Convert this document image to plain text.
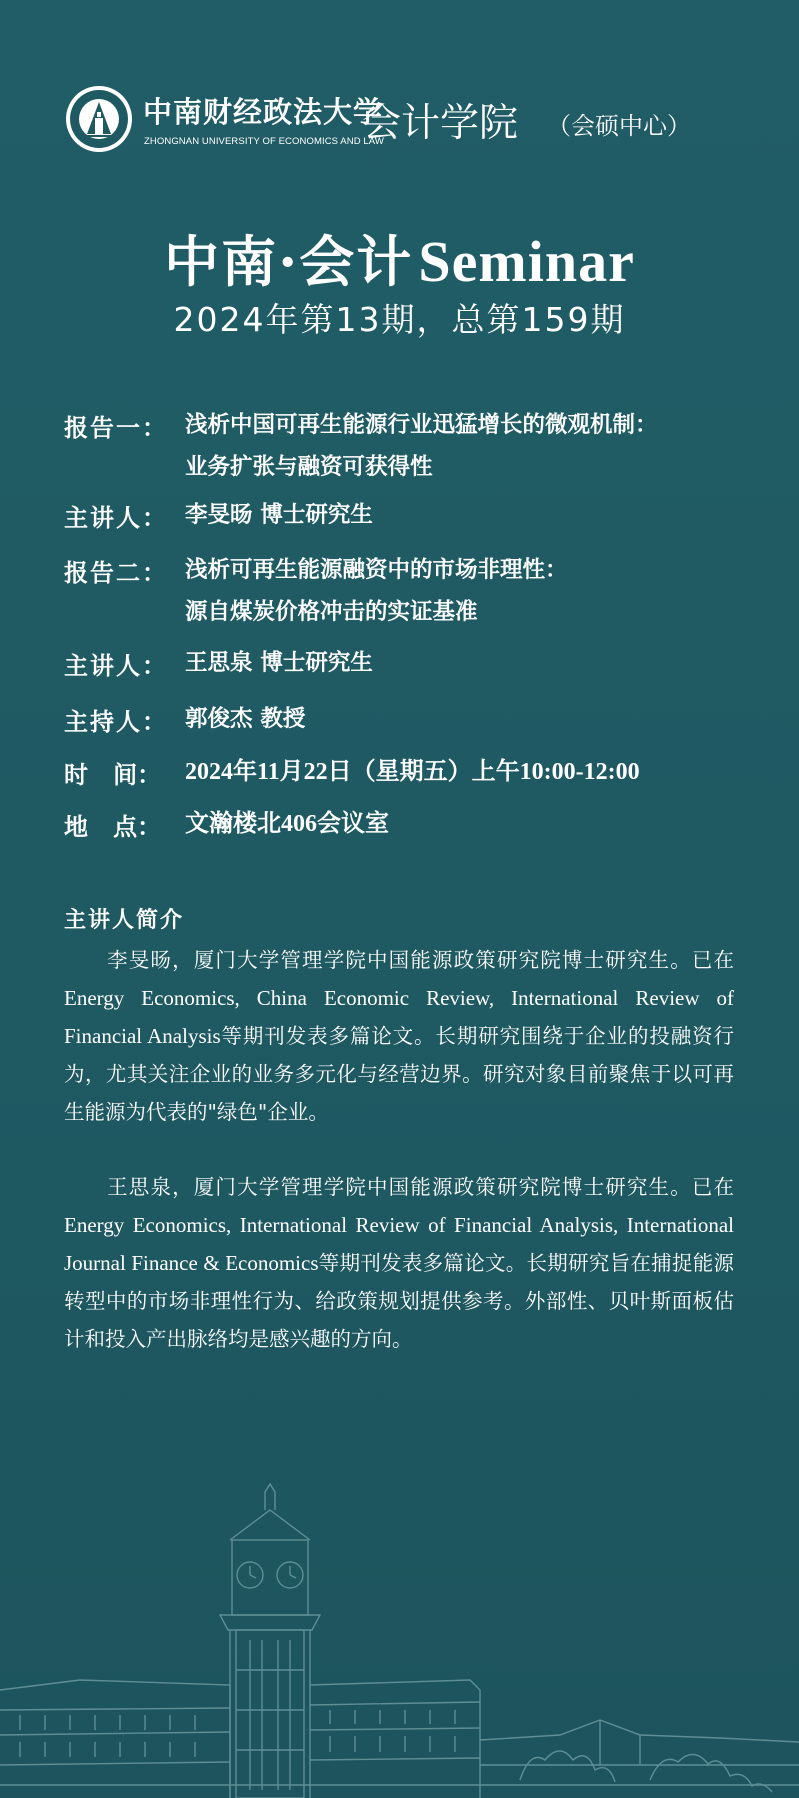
中南财经政法大学
ZHONGNAN UNIVERSITY OF ECONOMICS AND LAW
会计学院 （会硕中心）
中南·会计 Seminar
2024年第13期，总第159期
报告一： 浅析中国可再生能源行业迅猛增长的微观机制：
业务扩张与融资可获得性
主讲人： 李旻旸 博士研究生
报告二： 浅析可再生能源融资中的市场非理性：
源自煤炭价格冲击的实证基准
主讲人： 王思泉 博士研究生
主持人： 郭俊杰 教授
时   间： 2024年11月22日（星期五）上午10:00-12:00
地   点： 文瀚楼北406会议室
主讲人简介
李旻旸，厦门大学管理学院中国能源政策研究院博士研究生。已在Energy Economics, China Economic Review, International Review of Financial Analysis等期刊发表多篇论文。长期研究围绕于企业的投融资行为，尤其关注企业的业务多元化与经营边界。研究对象目前聚焦于以可再生能源为代表的"绿色"企业。
王思泉，厦门大学管理学院中国能源政策研究院博士研究生。已在Energy Economics, International Review of Financial Analysis, International Journal Finance & Economics等期刊发表多篇论文。长期研究旨在捕捉能源转型中的市场非理性行为、给政策规划提供参考。外部性、贝叶斯面板估计和投入产出脉络均是感兴趣的方向。
